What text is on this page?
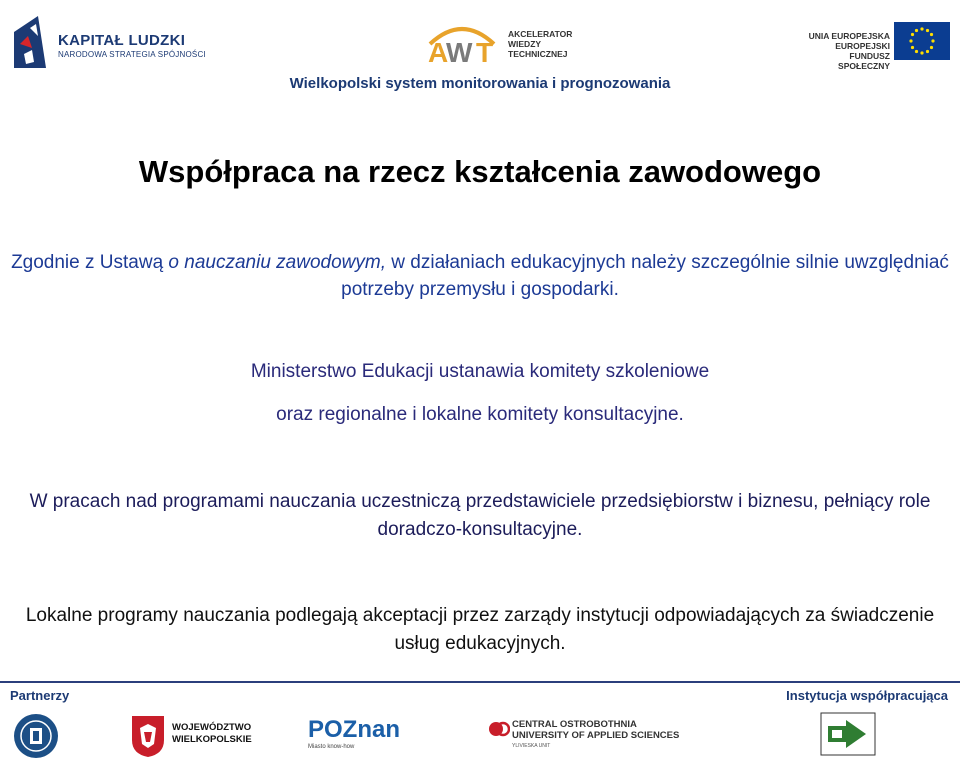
KAPITAŁ LUDZKI
NARODOWA STRATEGIA SPÓJNOŚCI	A
W T
AKCELERATOR
WIEDZY
TECHNICZNEJ
UNIA EUROPEJSKA
EUROPEJSKI
FUNDUSZ SPOŁECZNY
Wielkopolski system monitorowania i prognozowania
Współpraca na rzecz kształcenia zawodowego
Zgodnie z Ustawą o nauczaniu zawodowym, w działaniach edukacyjnych należy szczególnie silnie uwzględniać potrzeby przemysłu i gospodarki.
Ministerstwo Edukacji ustanawia komitety szkoleniowe
oraz regionalne i lokalne komitety konsultacyjne.
W pracach nad programami nauczania uczestniczą przedstawiciele przedsiębiorstw i biznesu, pełniący role doradczo-konsultacyjne.
Lokalne programy nauczania podlegają akceptacji przez zarządy instytucji odpowiadających za świadczenie usług edukacyjnych.
Partnerzy	Instytucja współpracująca
WOJEWÓDZTWO
WIELKOPOLSKIE POZnan
Miasto know-how
CENTRAL OSTROBOTHNIA
UNIVERSITY OF APPLIED SCIENCES
YLIVIESKA UNIT
